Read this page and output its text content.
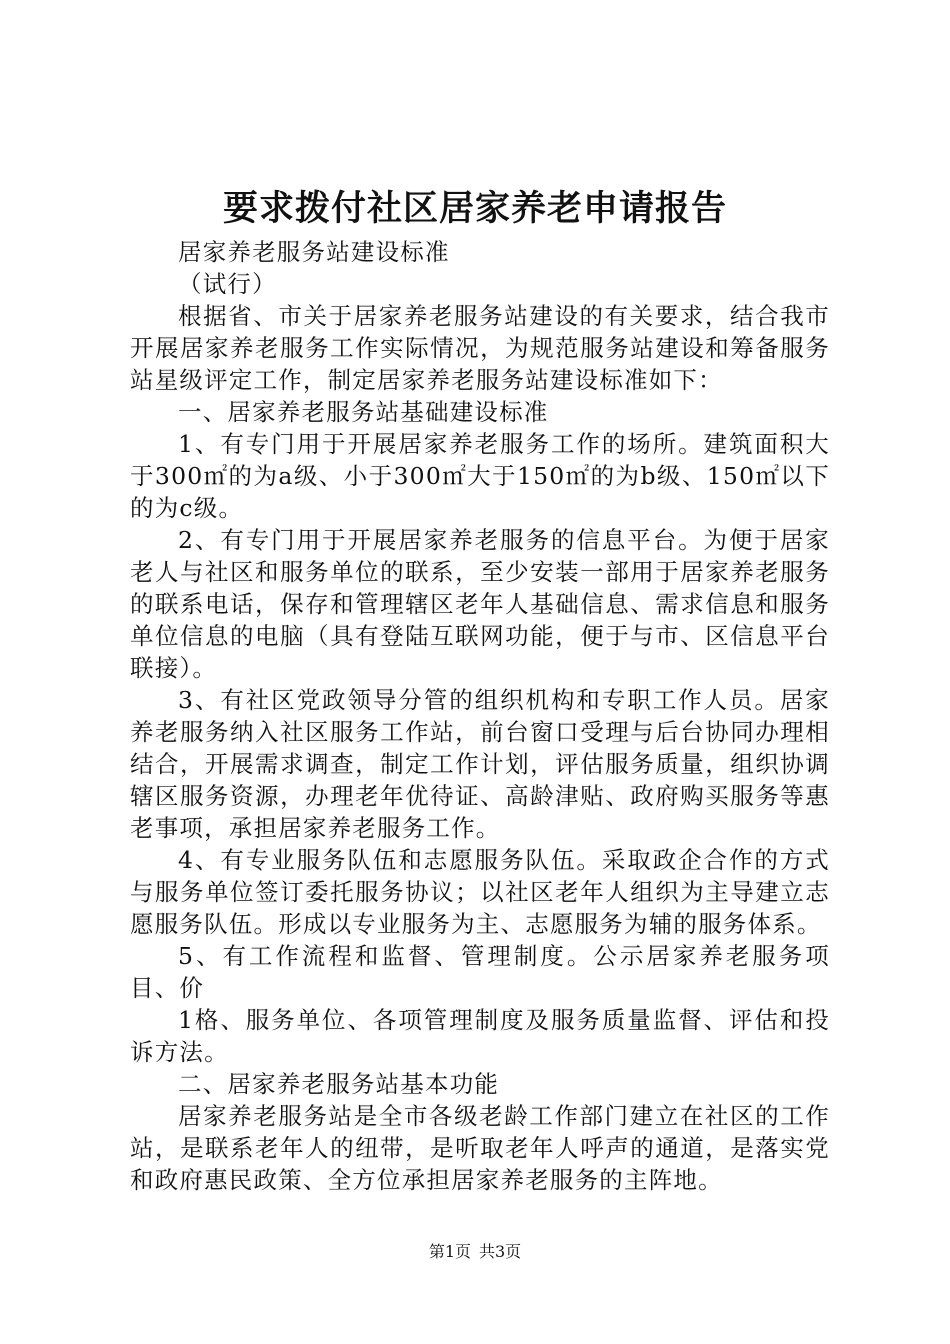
要求拨付社区居家养老申请报告

居家养老服务站建设标准

（试行）

根据省、市关于居家养老服务站建设的有关要求，结合我市开展居家养老服务工作实际情况，为规范服务站建设和筹备服务站星级评定工作，制定居家养老服务站建设标准如下：

一、居家养老服务站基础建设标准

1、有专门用于开展居家养老服务工作的场所。建筑面积大于300㎡的为a级、小于300㎡大于150㎡的为b级、150㎡以下的为c级。

2、有专门用于开展居家养老服务的信息平台。为便于居家老人与社区和服务单位的联系，至少安装一部用于居家养老服务的联系电话，保存和管理辖区老年人基础信息、需求信息和服务单位信息的电脑（具有登陆互联网功能，便于与市、区信息平台联接）。

3、有社区党政领导分管的组织机构和专职工作人员。居家养老服务纳入社区服务工作站，前台窗口受理与后台协同办理相结合，开展需求调查，制定工作计划，评估服务质量，组织协调辖区服务资源，办理老年优待证、高龄津贴、政府购买服务等惠老事项，承担居家养老服务工作。

4、有专业服务队伍和志愿服务队伍。采取政企合作的方式与服务单位签订委托服务协议；以社区老年人组织为主导建立志愿服务队伍。形成以专业服务为主、志愿服务为辅的服务体系。

5、有工作流程和监督、管理制度。公示居家养老服务项目、价

1格、服务单位、各项管理制度及服务质量监督、评估和投诉方法。

二、居家养老服务站基本功能

居家养老服务站是全市各级老龄工作部门建立在社区的工作站，是联系老年人的纽带，是听取老年人呼声的通道，是落实党和政府惠民政策、全方位承担居家养老服务的主阵地。

第1页 共3页
